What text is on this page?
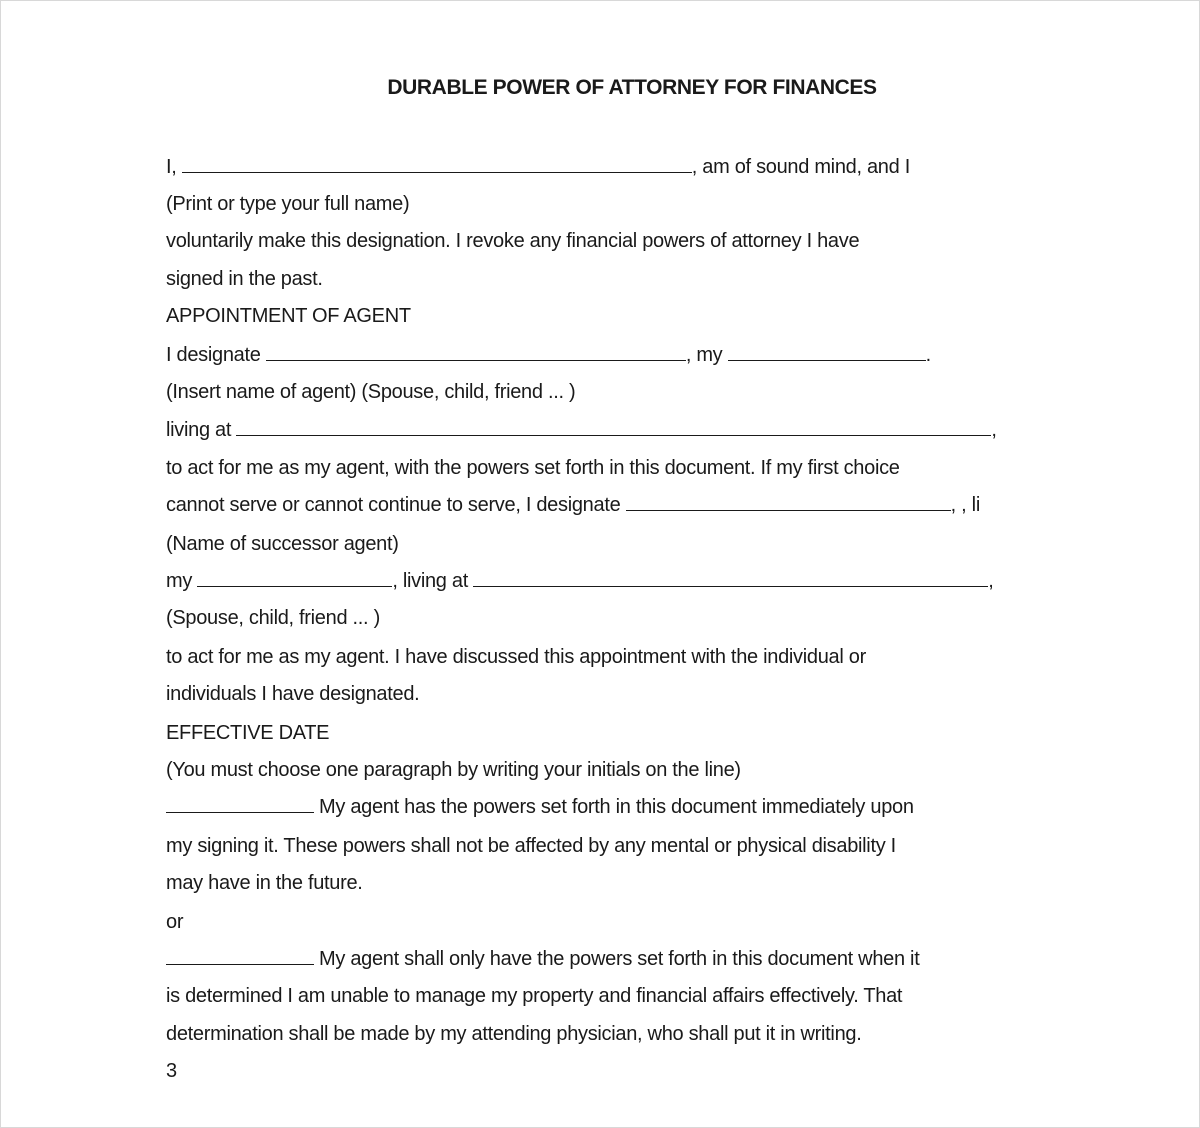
DURABLE POWER OF ATTORNEY FOR FINANCES
I,	, am of sound mind, and I
(Print or type your full name)
voluntarily make this designation. I revoke any financial powers of attorney I have
signed in the past.
APPOINTMENT OF AGENT
I designate	, my	.
(Insert name of agent) (Spouse, child, friend ... )
living at	,
to act for me as my agent, with the powers set forth in this document. If my first choice
cannot serve or cannot continue to serve, I designate	, , li
(Name of successor agent)
my	, living at	,
(Spouse, child, friend ... )
to act for me as my agent. I have discussed this appointment with the individual or
individuals I have designated.
EFFECTIVE DATE
(You must choose one paragraph by writing your initials on the line)
My agent has the powers set forth in this document immediately upon
my signing it. These powers shall not be affected by any mental or physical disability I
may have in the future.
or
My agent shall only have the powers set forth in this document when it
is determined I am unable to manage my property and financial affairs effectively. That
determination shall be made by my attending physician, who shall put it in writing.
3
